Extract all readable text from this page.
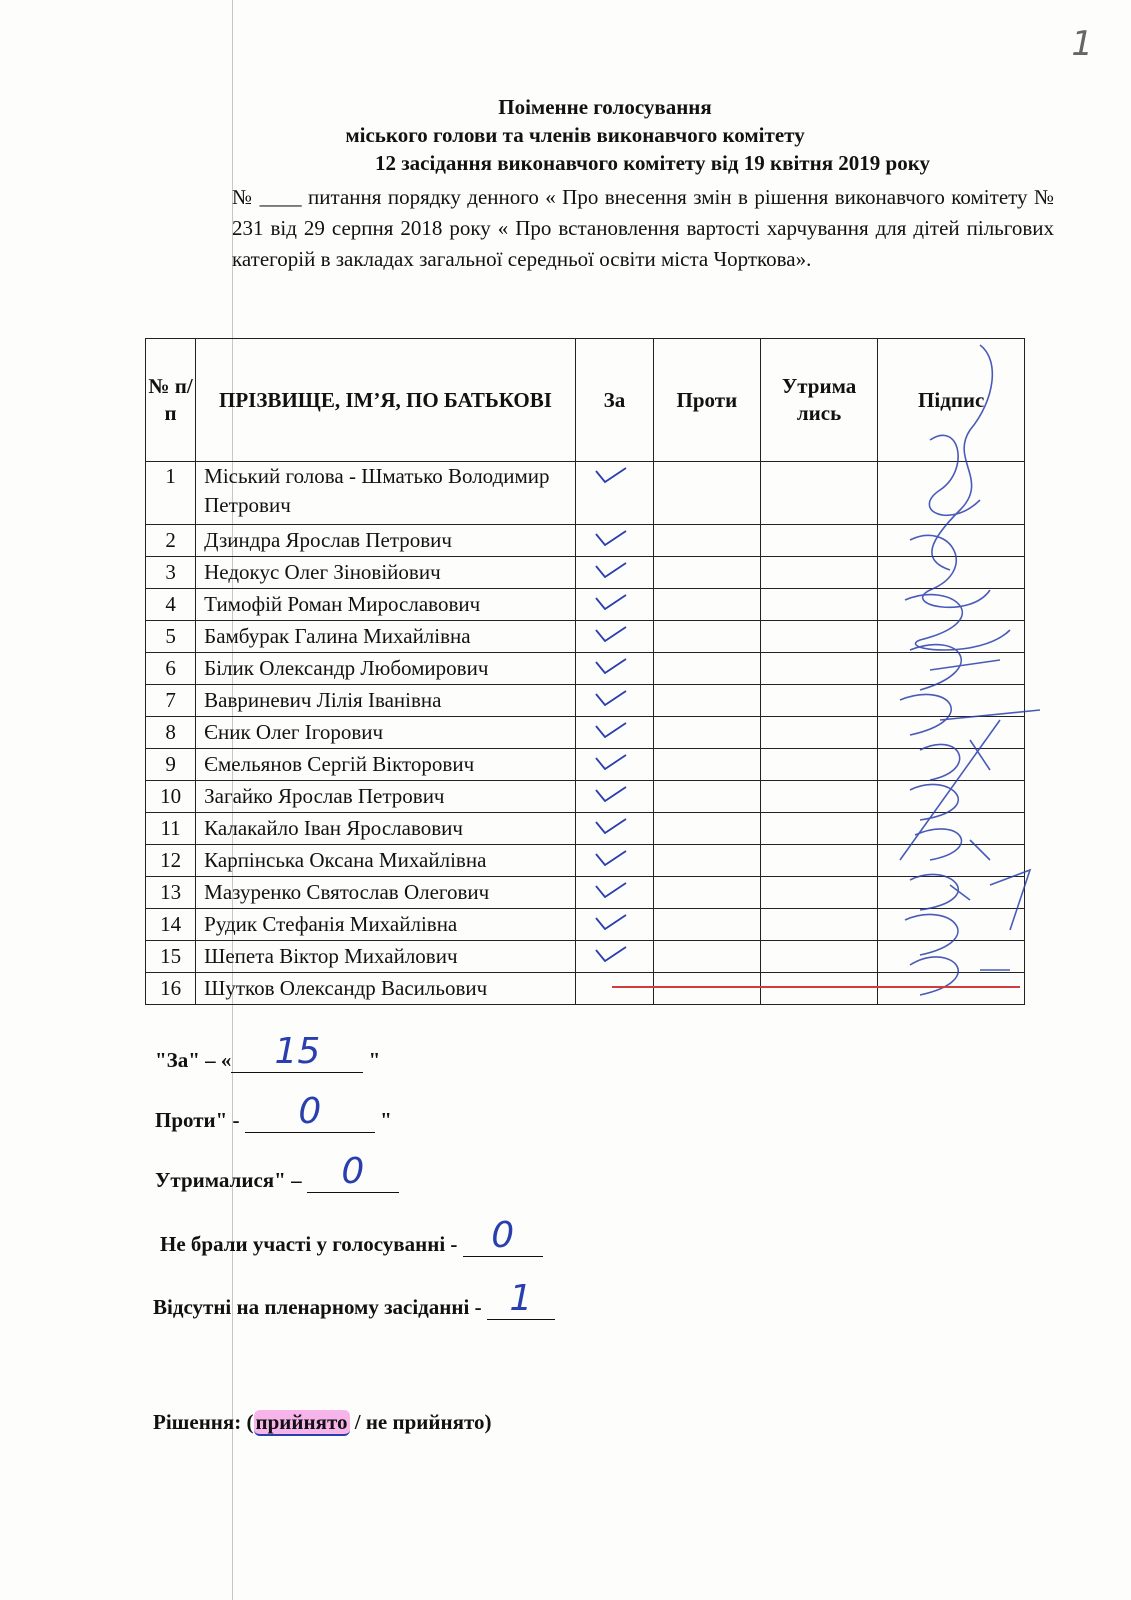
1
Поіменне голосування
міського голови та членів виконавчого комітету
12 засідання виконавчого комітету від 19 квітня 2019 року
№ ____ питання порядку денного « Про внесення змін в рішення виконавчого комітету № 231 від 29 серпня 2018 року « Про встановлення вартості харчування для дітей пільгових категорій в закладах загальної середньої освіти міста Чорткова».
№ п/ п	ПРІЗВИЩЕ, ІМ’Я, ПО БАТЬКОВІ	За	Проти	Утрима лись	Підпис
1	Міський голова - Шматько Володимир Петрович				
2	Дзиндра Ярослав Петрович				
3	Недокус Олег Зіновійович				
4	Тимофій Роман Мирославович				
5	Бамбурак Галина Михайлівна				
6	Білик Олександр Любомирович				
7	Вавриневич Лілія Іванівна				
8	Єник Олег Ігорович				
9	Ємельянов Сергій Вікторович				
10	Загайко Ярослав Петрович				
11	Калакайло Іван Ярославович				
12	Карпінська Оксана Михайлівна				
13	Мазуренко Святослав Олегович				
14	Рудик Стефанія Михайлівна				
15	Шепета Віктор Михайлович				
16	Шутков Олександр Васильович				
"За" – «	15	"
Проти" -	0	"
Утрималися" – 0
Не брали участі у голосуванні - 0
Відсутні на пленарному засіданні - 1
Рішення: (прийнято / не прийнято)
